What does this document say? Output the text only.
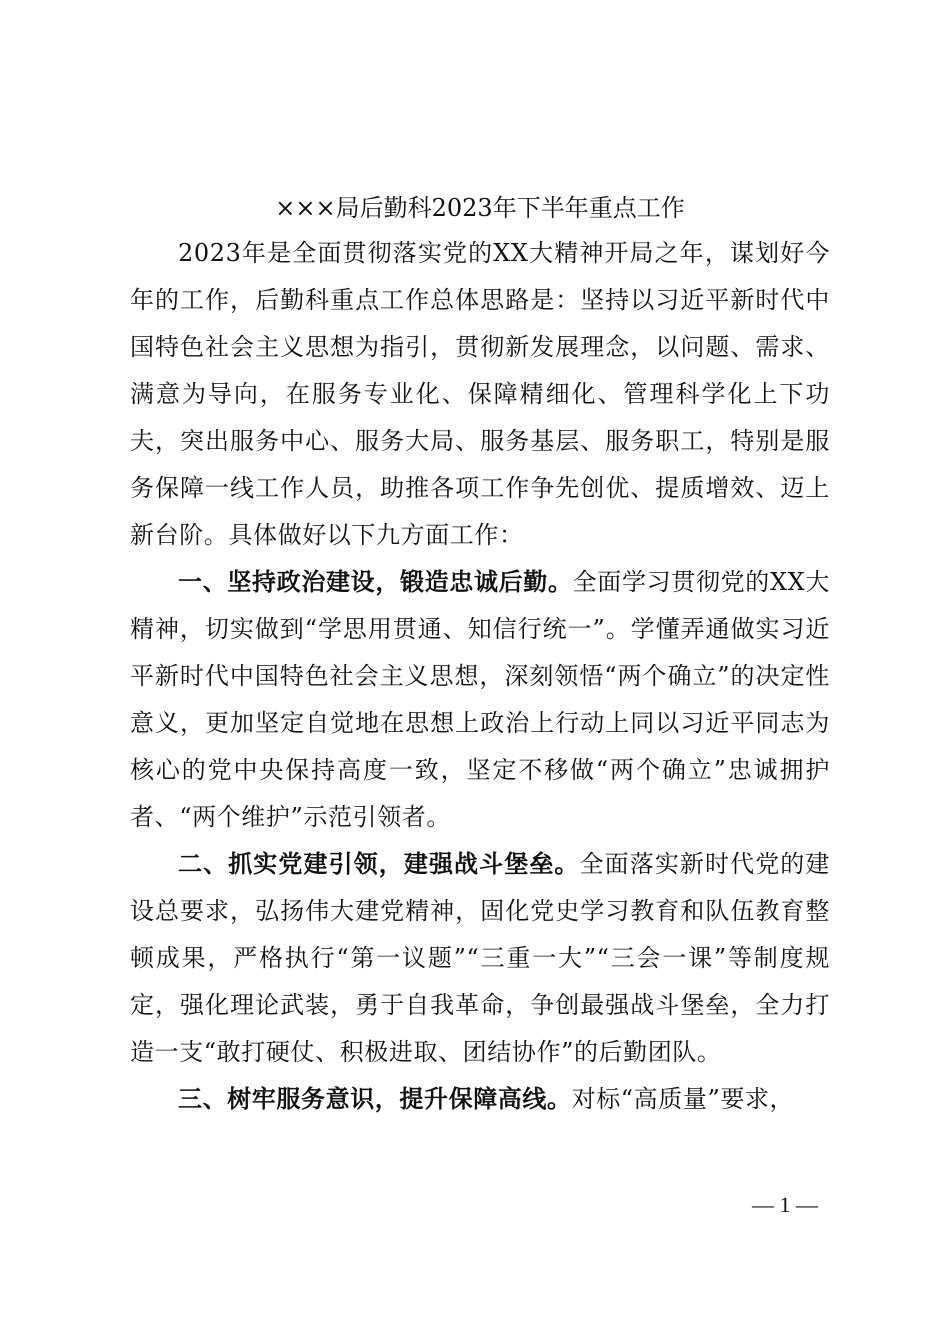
×××局后勤科2023年下半年重点工作

2023年是全面贯彻落实党的XX大精神开局之年，谋划好今年的工作，后勤科重点工作总体思路是：坚持以习近平新时代中国特色社会主义思想为指引，贯彻新发展理念，以问题、需求、满意为导向，在服务专业化、保障精细化、管理科学化上下功夫，突出服务中心、服务大局、服务基层、服务职工，特别是服务保障一线工作人员，助推各项工作争先创优、提质增效、迈上新台阶。具体做好以下九方面工作：

一、坚持政治建设，锻造忠诚后勤。全面学习贯彻党的XX大精神，切实做到“学思用贯通、知信行统一”。学懂弄通做实习近平新时代中国特色社会主义思想，深刻领悟“两个确立”的决定性意义，更加坚定自觉地在思想上政治上行动上同以习近平同志为核心的党中央保持高度一致，坚定不移做“两个确立”忠诚拥护者、“两个维护”示范引领者。

二、抓实党建引领，建强战斗堡垒。全面落实新时代党的建设总要求，弘扬伟大建党精神，固化党史学习教育和队伍教育整顿成果，严格执行“第一议题”“三重一大”“三会一课”等制度规定，强化理论武装，勇于自我革命，争创最强战斗堡垒，全力打造一支“敢打硬仗、积极进取、团结协作”的后勤团队。

三、树牢服务意识，提升保障高线。对标“高质量”要求，

— 1 —
